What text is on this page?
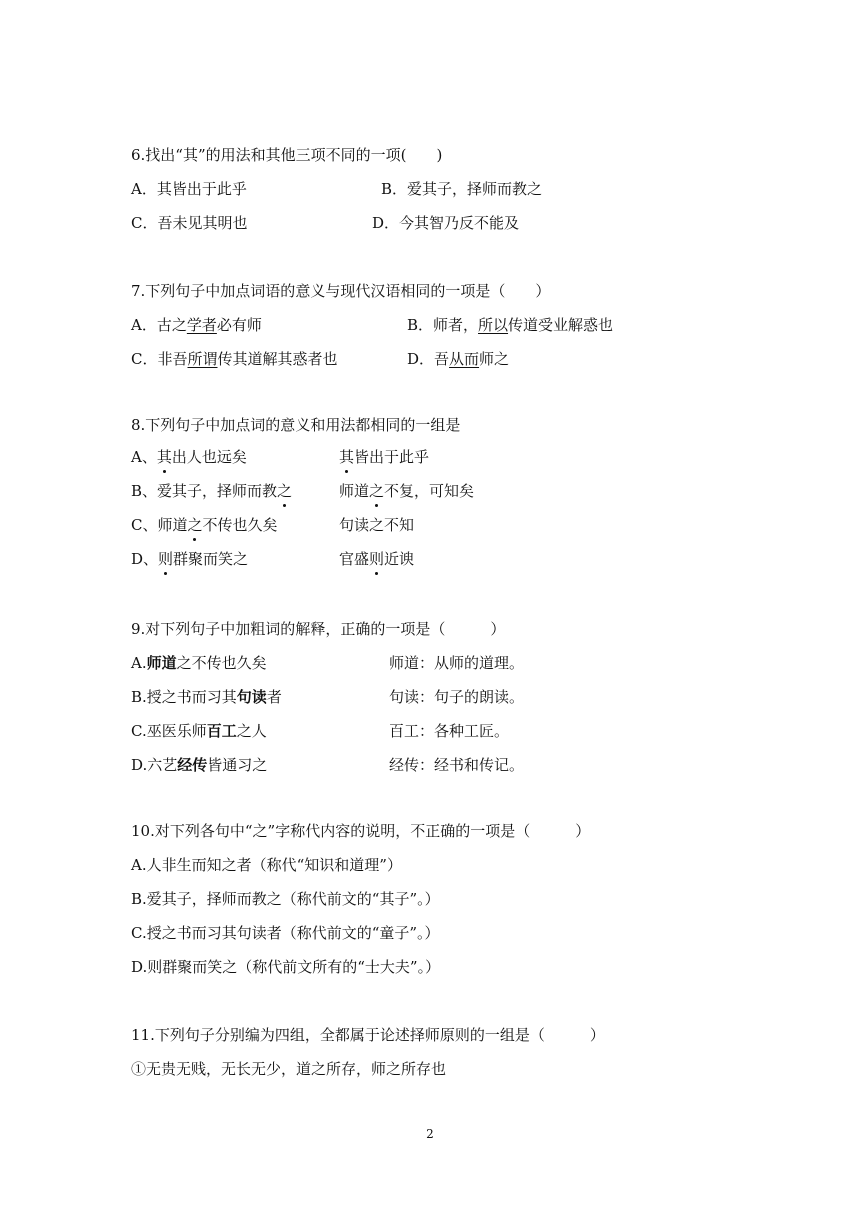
6.找出“其”的用法和其他三项不同的一项(　　)
A．其皆出于此乎	B．爱其子，择师而教之
C．吾未见其明也	D．今其智乃反不能及
7.下列句子中加点词语的意义与现代汉语相同的一项是（　　）
A．古之学者必有师	B．师者，所以传道受业解惑也
C．非吾所谓传其道解其惑者也	D．吾从而师之
8.下列句子中加点词的意义和用法都相同的一组是
A、其出人也远矣	其皆出于此乎
B、爱其子，择师而教之	师道之不复，可知矣
C、师道之不传也久矣	句读之不知
D、则群聚而笑之	官盛则近谀
9.对下列句子中加粗词的解释，正确的一项是（　　　）
A.师道之不传也久矣	师道：从师的道理。
B.授之书而习其句读者	句读：句子的朗读。
C.巫医乐师百工之人	百工：各种工匠。
D.六艺经传皆通习之	经传：经书和传记。
10.对下列各句中“之”字称代内容的说明，不正确的一项是（　　　）
A.人非生而知之者（称代“知识和道理”）
B.爱其子，择师而教之（称代前文的“其子”。）
C.授之书而习其句读者（称代前文的“童子”。）
D.则群聚而笑之（称代前文所有的“士大夫”。）
11.下列句子分别编为四组，全都属于论述择师原则的一组是（　　　）
①无贵无贱，无长无少，道之所存，师之所存也
2
